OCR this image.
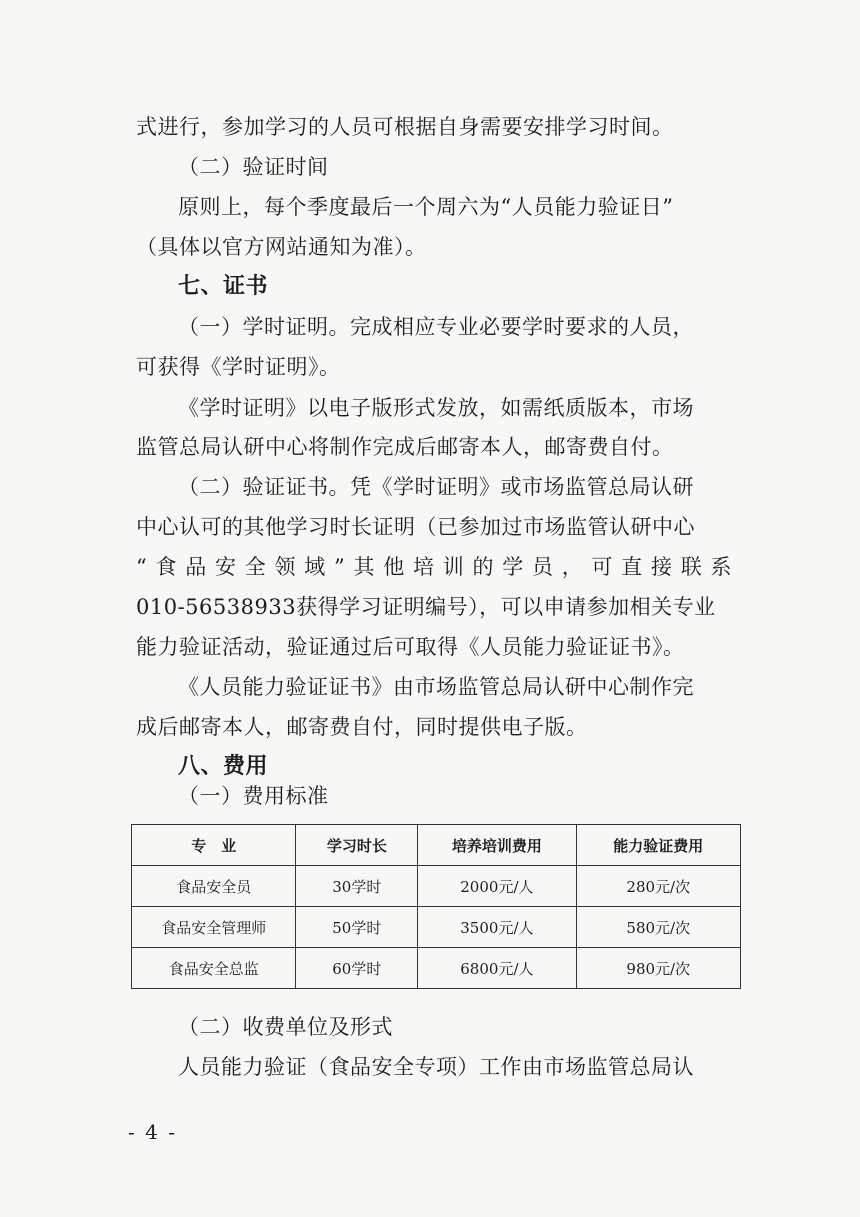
式进行，参加学习的人员可根据自身需要安排学习时间。
（二）验证时间
原则上，每个季度最后一个周六为“人员能力验证日”
（具体以官方网站通知为准）。
七、证书
（一）学时证明。完成相应专业必要学时要求的人员，
可获得《学时证明》。
《学时证明》以电子版形式发放，如需纸质版本，市场
监管总局认研中心将制作完成后邮寄本人，邮寄费自付。
（二）验证证书。凭《学时证明》或市场监管总局认研
中心认可的其他学习时长证明（已参加过市场监管认研中心
“食品安全领域”其他培训的学员，可直接联系
010-56538933获得学习证明编号），可以申请参加相关专业
能力验证活动，验证通过后可取得《人员能力验证证书》。
《人员能力验证证书》由市场监管总局认研中心制作完
成后邮寄本人，邮寄费自付，同时提供电子版。
八、费用
（一）费用标准
专　业	学习时长	培养培训费用	能力验证费用
食品安全员	30学时	2000元/人	280元/次
食品安全管理师	50学时	3500元/人	580元/次
食品安全总监	60学时	6800元/人	980元/次
（二）收费单位及形式
人员能力验证（食品安全专项）工作由市场监管总局认
- 4 -
